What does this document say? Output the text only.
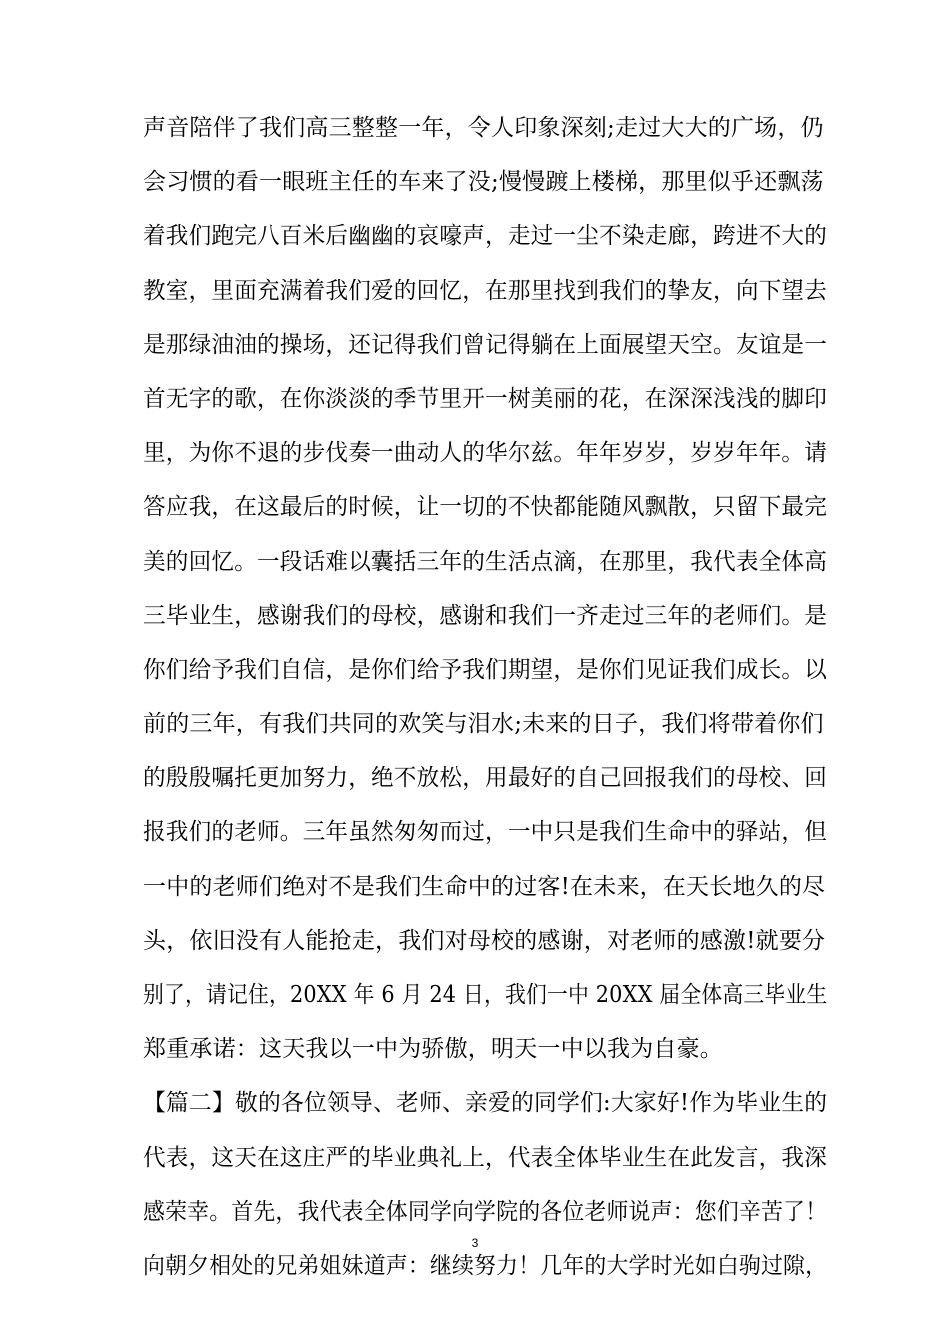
声音陪伴了我们高三整整一年，令人印象深刻;走过大大的广场，仍
会习惯的看一眼班主任的车来了没;慢慢踱上楼梯，那里似乎还飘荡
着我们跑完八百米后幽幽的哀嚎声，走过一尘不染走廊，跨进不大的
教室，里面充满着我们爱的回忆，在那里找到我们的挚友，向下望去
是那绿油油的操场，还记得我们曾记得躺在上面展望天空。友谊是一
首无字的歌，在你淡淡的季节里开一树美丽的花，在深深浅浅的脚印
里，为你不退的步伐奏一曲动人的华尔兹。年年岁岁，岁岁年年。请
答应我，在这最后的时候，让一切的不快都能随风飘散，只留下最完
美的回忆。一段话难以囊括三年的生活点滴，在那里，我代表全体高
三毕业生，感谢我们的母校，感谢和我们一齐走过三年的老师们。是
你们给予我们自信，是你们给予我们期望，是你们见证我们成长。以
前的三年，有我们共同的欢笑与泪水;未来的日子，我们将带着你们
的殷殷嘱托更加努力，绝不放松，用最好的自己回报我们的母校、回
报我们的老师。三年虽然匆匆而过，一中只是我们生命中的驿站，但
一中的老师们绝对不是我们生命中的过客!在未来，在天长地久的尽
头，依旧没有人能抢走，我们对母校的感谢，对老师的感激!就要分
别了，请记住，20XX 年 6 月 24 日，我们一中 20XX 届全体高三毕业生
郑重承诺：这天我以一中为骄傲，明天一中以我为自豪。
【篇二】敬的各位领导、老师、亲爱的同学们:大家好!作为毕业生的
代表，这天在这庄严的毕业典礼上，代表全体毕业生在此发言，我深
感荣幸。首先，我代表全体同学向学院的各位老师说声：您们辛苦了！
向朝夕相处的兄弟姐妹道声：继续努力！几年的大学时光如白驹过隙，
3
